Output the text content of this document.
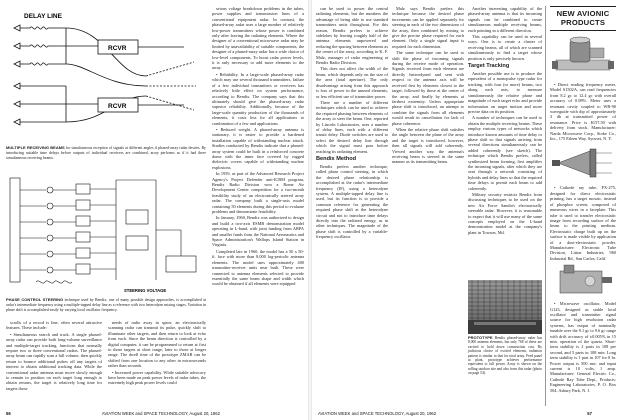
DELAY LINE
RCVR
RCVR
MULTIPLE RECEIVING BEAMS for simultaneous reception of signals at different angles if phased-array radar desires. By introducing suitable time delays before outputs of individual receivers are combined, array performs as if it had three simultaneous receiving beams.
STEERING VOLTAGE
PHASE CONTROL STEERING technique used by Bendix, one of many possible design approaches, is accomplished at radar's intermediate frequency using a multiple-tapped delay line as a reference with two heterodyne mixing stages. Variation in phase shift is accomplished easily by varying local oscillator frequency.

seious voltage breakdown problems in the tubes, power supplies and transmission lines of a conventional equipment radar. In contrast, the phased-array radar uses a large number of relatively low-power transmitters whose power is combined only after leaving the radiating elements. Where the designer of a conventional microwave radar may be limited by unavailability of suitable components, the designer of a phased-array radar has a wide choice of low-level components. To boost radar power levels, it is only necessary to add more elements to the array.

• Reliability. In a large-scale phased-array radar which may use several thousand transmitters, failure of a few individual transmitters or receivers has relatively little effect on system performance, according to Bendix. The company says that this ultimately should give the phased-array radar superior reliability. Additionally, because of the large-scale quantity production of the thousands of elements, it costs less for all applications to combination of a few and applications.

• Reduced weight. A phased-array antenna is stationary, it is easier to provide a hardened installation capable of withstanding nuclear attack. Studies conducted by Bendix indicate that a phased-array system could be built in a reinforced concrete dome with the inner face covered by rugged dielectric covers capable of withstanding nuclear explosions.

In 1959, as part of the Advanced Research Project Agency's Project Defender anti-ICBM program, Bendix Radio Division won a Rome Air Development Center competition for a two-month feasibility study of an electronically steered array radar. The company built a single-axis model containing 50 elements during this period to evaluate problems and demonstrate feasibility.

In January, 1960, Bendix was authorized to design and build a two-axis ESMR demonstration model operating in L-band, with joint funding from ARPA and smaller funds from the National Aeronautics and Space Administration's Wallops Island Station in Virginia.

Completed late in 1960, the model has a 50 x 50-ft. face with more than 8,000 log-periodic antenna elements. The model uses approximately 400 transmitter-receiver units near built. These were connected to antenna elements selected to provide essentially the same beam shape and width which would be obtained if all elements were equipped

scrolls of a record is line, often several attractive features. These include:

• Simultaneous search and track. A single phased-array radar can provide both long-volume surveillance and multiple-target tracking, functions that normally require two or three conventional radars. The phased-array beam can rapidly scan a full volume, then quickly return to bounce additional pulses off any targets of interest to obtain additional tracking data. While the conventional radar antenna must move slowly enough to remain in position on each target long enough to obtain returns, the target is relatively long time for targets those

needs of radio away in space, an electronically scanning radar can transmit its pulse, quickly shift to illuminate other targets, and then return to look at echo from each. Since the beam direction is controlled by a digital computer, it can be programmed to return at first to those targets at short range, later to those at longer range. The dwell time of the prototype ZMAR can be shifted from one location to any other in microseconds rather than seconds.

• Increased power capability. While suitable advocacy have been made on peak power levels of radar tubes, the extremely high peak power levels could

56	AVIATION WEEK and SPACE TECHNOLOGY, August 20, 1962

can be used to power the central radiating elements, but the numbers the advantage of being able to use standard transmitters units throughout. For this reason, Bendix prefers to achieve sidelobes by leaving roughly half of the antenna elements unpowered and reducing the spacing between elements as the center of the array, according to K. F. Malz, manager of radar engineering at Bendix Radio Division.

This does not affect the width of the beam, which depends only on the size of the area (total aperture). The only disadvantage arising from this approach is loss of power in the unused elements, or less efficient use of transmitter power.

There are a number of different techniques which can be used to achieve the required phasing between elements of the array to steer the beam. One, reported by Lincoln Laboratories, uses a number of delay lines, each with a different transit delay. Diode switches are used to select the desired delay line through which the signal must pass before reaching its radiating element.

Bendix Method

Bendix prefers another technique, called phase control steering, in which the desired phase relationship is accomplished at the radar's intermediate frequency (IF), using a heterodyne system. A multiple-tapped delay line is used, but its function is to provide a common reference for generating the required phase shift at the heterodyne circuit and not to introduce time delays directly into the radiated energy, as in other techniques. The magnitude of the phase shift is controlled by a variable-frequency oscillator.

Malz says Bendix prefers this technique because the desired phase increments can be applied separately for steering in each of the two dimensions of the array, then combined by mixing to give the precise phase required for each element. Only a single signal input is required for each dimension.

The same technique can be used to shift the phase of incoming signals during the receive mode of operation. Signals received from each element are directly heterodyned and sent with respect to the antenna axis will be received first by elements closest to the target, followed by those at the center of the array, and finally by elements at farthest extremity. Unless appropriate phase shift is introduced, an attempt to combine the signals from all elements would result in cancellation for lack of phase coherence.

When the relative phase shift satisfies the angle between the plane of the array and the target is introduced, however, then all signals will add coherently. Viewed another way, the antenna's receiving beam is steered in the same manner as its transmitting beam.

Another interesting capability of the phased-array antenna is that its incoming signals can be combined to create simultaneous multiple receiving beams, each pointing in a different direction.

This capability can be used in several ways. One is to create a cluster of receiving beams, all of which are scanned simultaneously to find a target whose position is only precisely known.

Target Tracking

Another possible use is to produce the equivalent of a monopulse type radar for tracking, with four (or more) beams, two along each axis, to measure simultaneously the relative phase and magnitude of each target echo and provide information on target motion and more precise data on its position.

A number of techniques can be used to obtain the multiple receiving beams. These employ various types of networks which introduce known amounts of time delay or phase shift so that signals arriving from several directions simultaneously can be added coherently (see sketch). The technique which Bendix prefers, called synthesized beam forming, first amplifies the incoming signals, after which they are sent through a network consisting of hybrids and delay lines so that the required time delays to permit each beam to add coherently.

Military security restricts Bendix from discussing techniques to be used on the new Air Force Sandia's electronically steerable radar. However, it is reasonable to expect that it will use many of the same concepts employed on the L-band demonstration model at the company's plant in Towson, Md.

PROTOTYPE Bendix phased-array radar has 8,000 antenna elements, but only 768 of these are excited to hold down construction cost. By judicious choice of excited elements, radiation pattern is similar to that for total array. Feed panel at plant, prototype achieves performance equivalent to full power. Array is shown on the rolling outdoor site and also from this radar (photo on page 54).
NEW AVIONIC PRODUCTS

• Direct reading frequency meter, Model S1502A, can read frequencies from 8.2 gc to 12.4 gc with overall accuracy of 0.08%. Meter uses a resonant cavity coupled to WR-90 waveguide with dip of approximately 3 db at transmitted power of resonance. Price is $157.50 with delivery from stock. Manufacturer: Narda Microwave Corp., Stoke Co., Inc., 175 Eileen Way, Syosset, N. Y.

• Cathode ray tube, PX-275, designed for direct electrostatic printing, has a target mosaic, instead of phosphor screen, composed of numerous wires in a faceplate. This tube is used to transfer electrostatic image from recording surface of the beam to the printing medium. Electrostatic charge built up on the surface is made visible by application of a dust-electrostatic powder. Manufacturer: Electronic Tube Division, Litton Industries, 960 Industrial Rd., San Carlos, Calif.

• Microwave oscillator, Model G123, designed as stable local oscillator and transmitter signal source for high resolution radar systems, has output of nominally tunable over the 9.1 gc to 9.6 gc range with drift accuracy of ±0.005% in 15 min. operation of the quartz. Short-term stability is 2 parts in 108 per second, and 5 parts in 108 min. Long term stability is 1 part in 107 for 8 hr. Power output is 500 mw. and input current is 10 volts, 1 amp. Manufacturer: General Electric Co., Cathode Ray Tube Dept., Products: Engineering Laboratories, P. O. Box 504, Asbury Park, N. J.

AVIATION WEEK and SPACE TECHNOLOGY, August 20, 1962	57
